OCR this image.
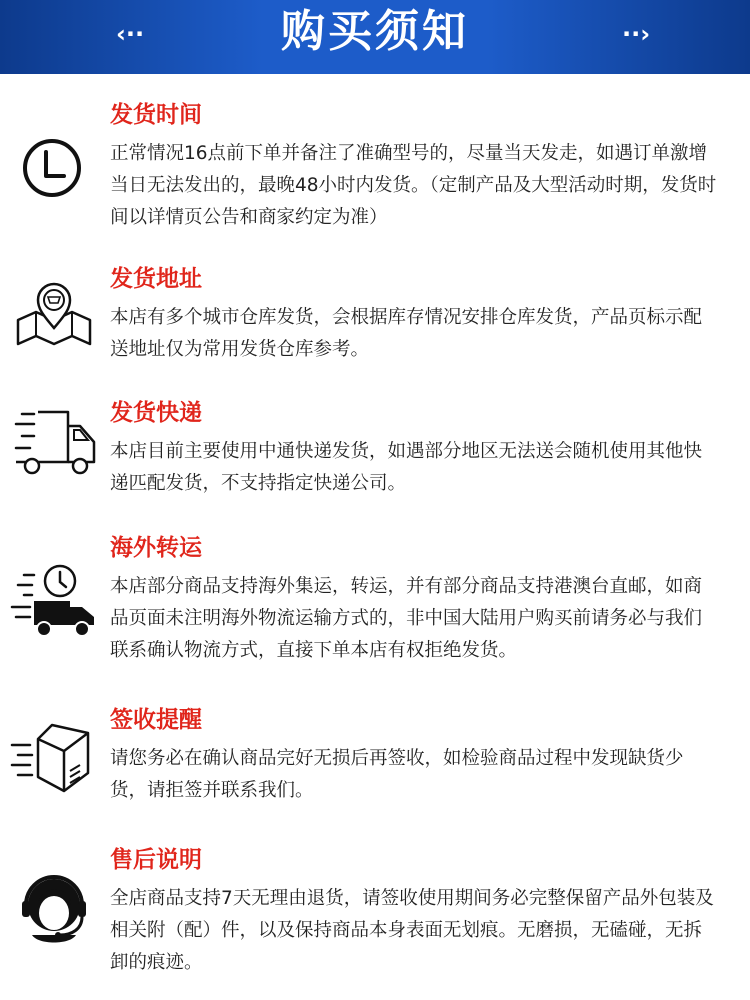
‹··	购买须知	··›
发货时间
正常情况16点前下单并备注了准确型号的，尽量当天发走，如遇订单激增当日无法发出的，最晚48小时内发货。（定制产品及大型活动时期，发货时间以详情页公告和商家约定为准）
发货地址
本店有多个城市仓库发货，会根据库存情况安排仓库发货，产品页标示配送地址仅为常用发货仓库参考。
发货快递
本店目前主要使用中通快递发货，如遇部分地区无法送会随机使用其他快递匹配发货，不支持指定快递公司。
海外转运
本店部分商品支持海外集运，转运，并有部分商品支持港澳台直邮，如商品页面未注明海外物流运输方式的，非中国大陆用户购买前请务必与我们联系确认物流方式，直接下单本店有权拒绝发货。
签收提醒
请您务必在确认商品完好无损后再签收，如检验商品过程中发现缺货少货，请拒签并联系我们。
售后说明
全店商品支持7天无理由退货，请签收使用期间务必完整保留产品外包装及相关附（配）件，以及保持商品本身表面无划痕。无磨损，无磕碰，无拆卸的痕迹。
